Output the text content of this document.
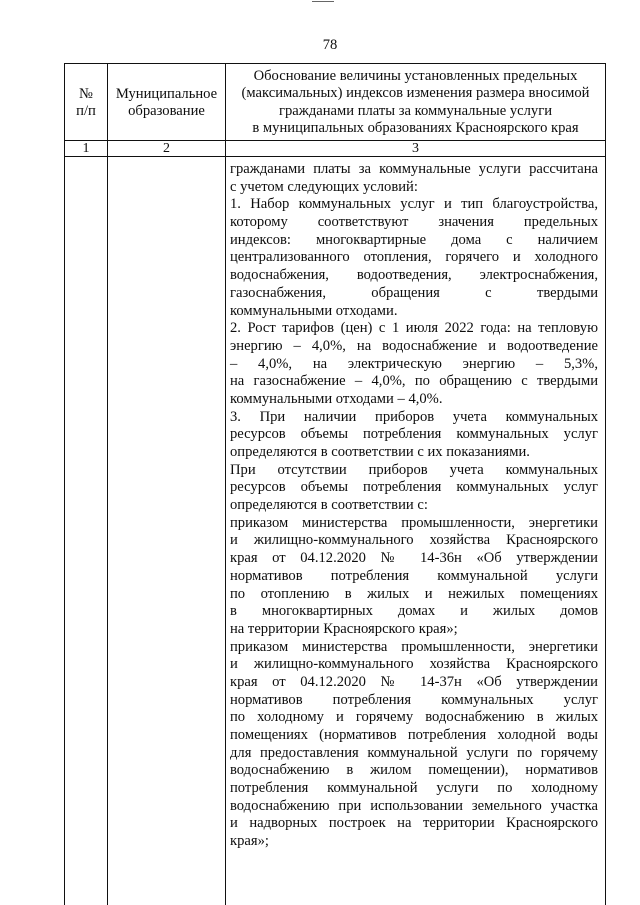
78
№
п/п
Муниципальное
образование
Обоснование величины установленных предельных
(максимальных) индексов изменения размера вносимой
гражданами платы за коммунальные услуги
в муниципальных образованиях Красноярского края
1	2	3
гражданами платы за коммунальные услуги рассчитана
с учетом следующих условий:
1. Набор коммунальных услуг и тип благоустройства,
которому соответствуют значения предельных
индексов: многоквартирные дома с наличием
централизованного отопления, горячего и холодного
водоснабжения, водоотведения, электроснабжения,
газоснабжения, обращения с твердыми
коммунальными отходами.
2. Рост тарифов (цен) с 1 июля 2022 года: на тепловую
энергию – 4,0%, на водоснабжение и водоотведение
– 4,0%, на электрическую энергию – 5,3%,
на газоснабжение – 4,0%, по обращению с твердыми
коммунальными отходами – 4,0%.
3. При наличии приборов учета коммунальных
ресурсов объемы потребления коммунальных услуг
определяются в соответствии с их показаниями.
При отсутствии приборов учета коммунальных
ресурсов объемы потребления коммунальных услуг
определяются в соответствии с:
приказом министерства промышленности, энергетики
и жилищно-коммунального хозяйства Красноярского
края от 04.12.2020 № 14-36н «Об утверждении
нормативов потребления коммунальной услуги
по отоплению в жилых и нежилых помещениях
в многоквартирных домах и жилых домов
на территории Красноярского края»;
приказом министерства промышленности, энергетики
и жилищно-коммунального хозяйства Красноярского
края от 04.12.2020 № 14-37н «Об утверждении
нормативов потребления коммунальных услуг
по холодному и горячему водоснабжению в жилых
помещениях (нормативов потребления холодной воды
для предоставления коммунальной услуги по горячему
водоснабжению в жилом помещении), нормативов
потребления коммунальной услуги по холодному
водоснабжению при использовании земельного участка
и надворных построек на территории Красноярского
края»;
